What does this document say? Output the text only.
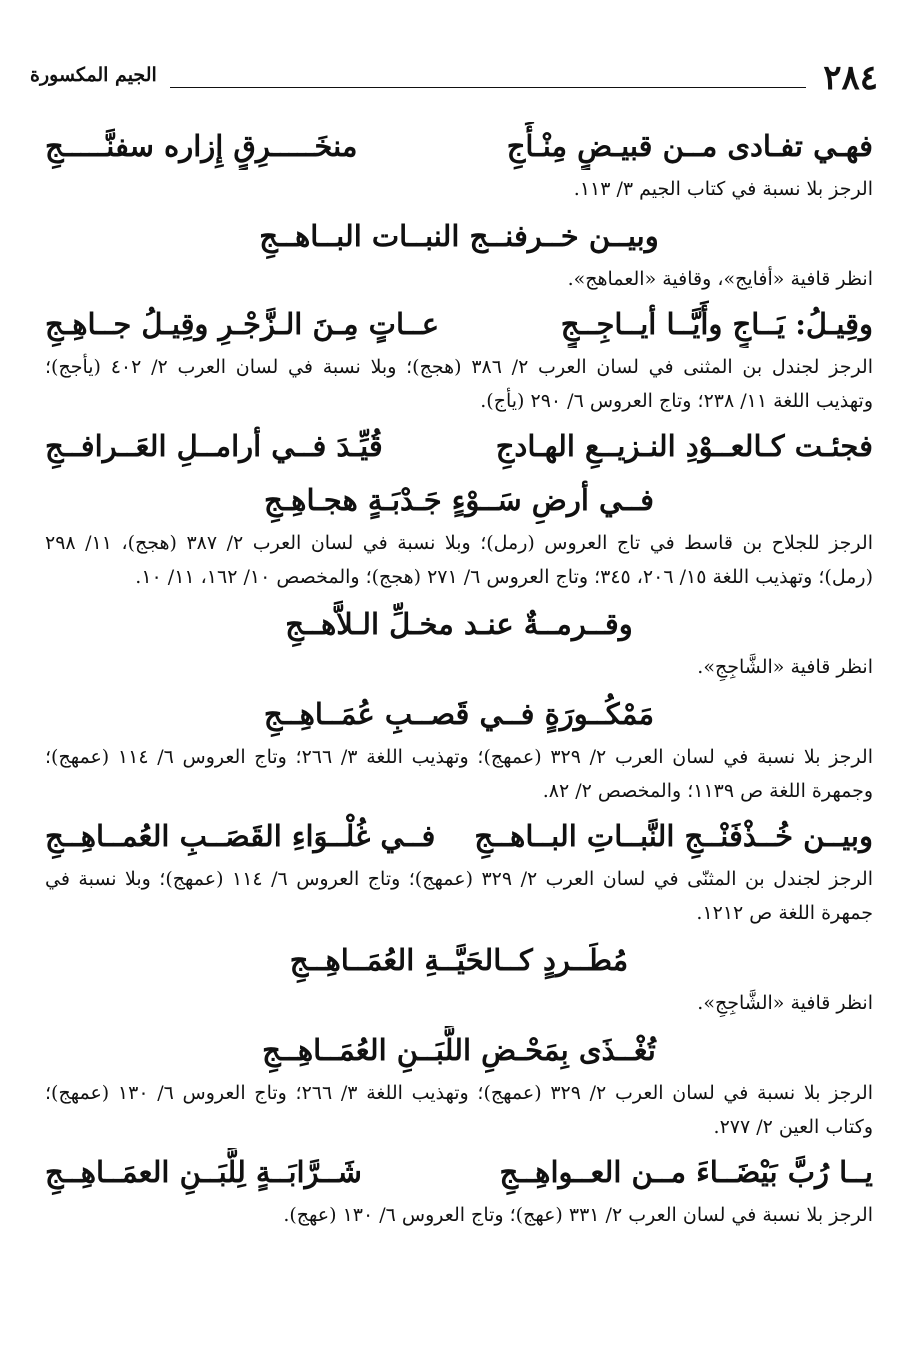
٢٨٤
الجيم المكسورة
فهـي تفـادى مــن قبيـضٍ مِنْـأَجِ
منخَـــــرِقٍ إِزاره سفنَّـــــجِ
الرجز بلا نسبة في كتاب الجيم ٣/ ١١٣.
وبيــن خــرفنــج النبــات البــاهــجِ
انظر قافية «أفايج»، وقافية «العماهج».
وقِيـلُ: يَــاجٍ وأَيَّــا أيــاجِــجٍ
عــاتٍ مِـنَ الـزَّجْـرِ وقِيـلُ جــاهِـجِ
الرجز لجندل بن المثنى في لسان العرب ٢/ ٣٨٦ (هجج)؛ وبلا نسبة في لسان العرب ٢/ ٤٠٢ (يأجج)؛ وتهذيب اللغة ١١/ ٢٣٨؛ وتاج العروس ٦/ ٢٩٠ (يأج).
فجئـت كـالعــوْدِ النـزيــعِ الهـادجِ
قُيِّـدَ فــي أرامــلِ العَــرافــجِ
فــي أرضِ سَــوْءٍ جَـدْبَـةٍ هجـاهِـجِ
الرجز للجلاح بن قاسط في تاج العروس (رمل)؛ وبلا نسبة في لسان العرب ٢/ ٣٨٧ (هجج)، ١١/ ٢٩٨ (رمل)؛ وتهذيب اللغة ١٥/ ٢٠٦، ٣٤٥؛ وتاج العروس ٦/ ٢٧١ (هجج)؛ والمخصص ١٠/ ١٦٢، ١١/ ١٠.
وقــرمــةٌ عنـد مخـلِّ الـلاَّهــجِ
انظر قافية «الشَّاجِجِ».
مَمْكُــورَةٍ فــي قَصــبِ عُمَــاهِــجِ
الرجز بلا نسبة في لسان العرب ٢/ ٣٢٩ (عمهج)؛ وتهذيب اللغة ٣/ ٢٦٦؛ وتاج العروس ٦/ ١١٤ (عمهج)؛ وجمهرة اللغة ص ١١٣٩؛ والمخصص ٢/ ٨٢.
وبيــن خُــذْفَنْــجِ النَّبــاتِ البــاهــجِ
فــي غُلْــوَاءِ القَصَــبِ العُمــاهِــجِ
الرجز لجندل بن المثنّى في لسان العرب ٢/ ٣٢٩ (عمهج)؛ وتاج العروس ٦/ ١١٤ (عمهج)؛ وبلا نسبة في جمهرة اللغة ص ١٢١٢.
مُطَــردٍ كــالحَيَّــةِ العُمَــاهِــجِ
انظر قافية «الشَّاجِجِ».
تُغْــذَى بِمَحْـضِ اللَّبَــنِ العُمَــاهِــجِ
الرجز بلا نسبة في لسان العرب ٢/ ٣٢٩ (عمهج)؛ وتهذيب اللغة ٣/ ٢٦٦؛ وتاج العروس ٦/ ١٣٠ (عمهج)؛ وكتاب العين ٢/ ٢٧٧.
يــا رُبَّ بَيْضَــاءَ مــن العــواهِــجِ
شَــرَّابَــةٍ لِلَّبَــنِ العمَــاهِــجِ
الرجز بلا نسبة في لسان العرب ٢/ ٣٣١ (عهج)؛ وتاج العروس ٦/ ١٣٠ (عهج).
